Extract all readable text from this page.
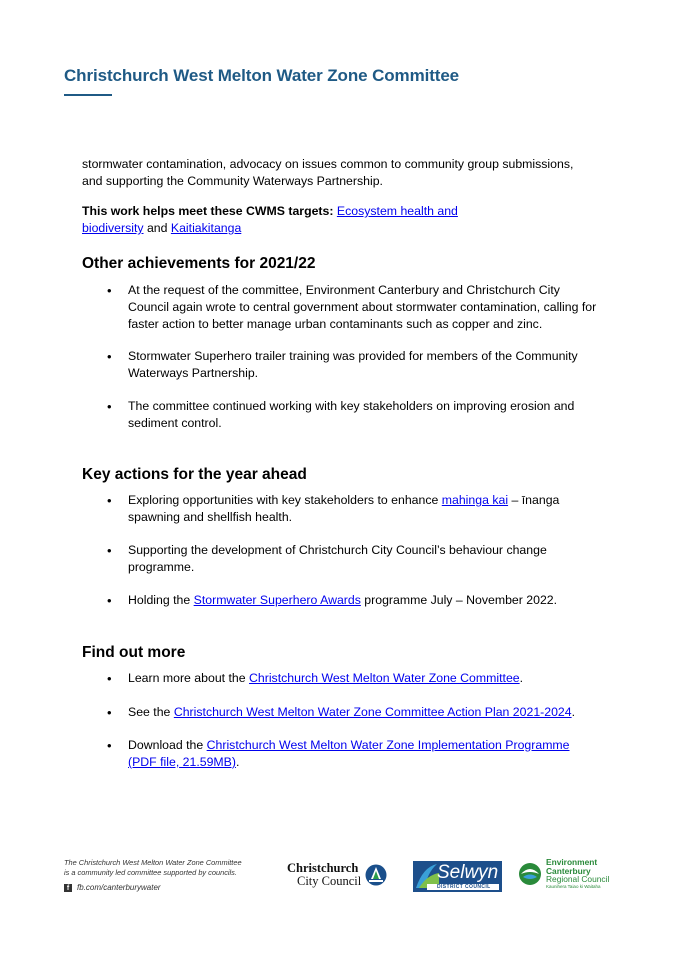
Christchurch West Melton Water Zone Committee
stormwater contamination, advocacy on issues common to community group submissions,
and supporting the Community Waterways Partnership.
This work helps meet these CWMS targets: Ecosystem health and
biodiversity and Kaitiakitanga
Other achievements for 2021/22
• At the request of the committee, Environment Canterbury and Christchurch City Council again wrote to central government about stormwater contamination, calling for faster action to better manage urban contaminants such as copper and zinc.
• Stormwater Superhero trailer training was provided for members of the Community Waterways Partnership.
• The committee continued working with key stakeholders on improving erosion and sediment control.
Key actions for the year ahead
• Exploring opportunities with key stakeholders to enhance mahinga kai – īnanga spawning and shellfish health.
• Supporting the development of Christchurch City Council’s behaviour change programme.
• Holding the Stormwater Superhero Awards programme July – November 2022.
Find out more
• Learn more about the Christchurch West Melton Water Zone Committee.
• See the Christchurch West Melton Water Zone Committee Action Plan 2021-2024.
• Download the Christchurch West Melton Water Zone Implementation Programme (PDF file, 21.59MB).
The Christchurch West Melton Water Zone Committee
is a community led committee supported by councils.
f fb.com/canterburywater
Christchurch
City Council	Selwyn
DISTRICT COUNCIL
Environment
Canterbury
Regional Council
Kaunihera Taiao ki Waitaha
